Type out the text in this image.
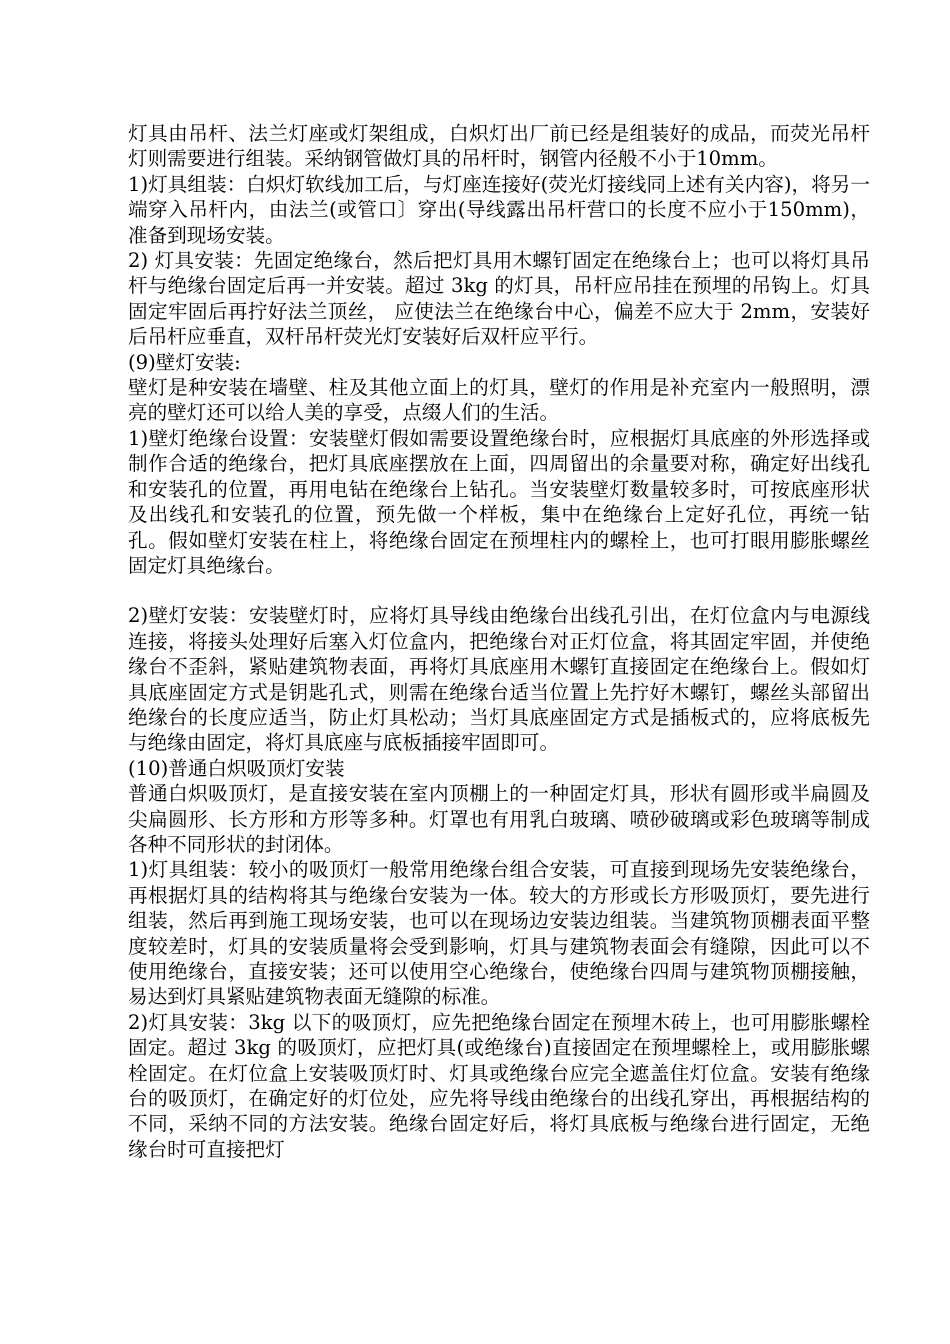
灯具由吊杆、法兰灯座或灯架组成，白炽灯出厂前已经是组装好的成品，而荧光吊杆灯则需要进行组装。采纳钢管做灯具的吊杆时，钢管内径般不小于10mm。

1)灯具组装：白炽灯软线加工后，与灯座连接好(荧光灯接线同上述有关内容)，将另一端穿入吊杆内，由法兰(或管口〕穿出(导线露出吊杆营口的长度不应小于150mm)，准备到现场安装。

2) 灯具安装：先固定绝缘台，然后把灯具用木螺钉固定在绝缘台上；也可以将灯具吊杆与绝缘台固定后再一并安装。超过 3kg 的灯具，吊杆应吊挂在预埋的吊钩上。灯具固定牢固后再拧好法兰顶丝， 应使法兰在绝缘台中心，偏差不应大于 2mm，安装好后吊杆应垂直，双杆吊杆荧光灯安装好后双杆应平行。

(9)壁灯安装:

壁灯是种安装在墙壁、柱及其他立面上的灯具，壁灯的作用是补充室内一般照明，漂亮的壁灯还可以给人美的享受，点缀人们的生活。

1)壁灯绝缘台设置：安装壁灯假如需要设置绝缘台时，应根据灯具底座的外形选择或制作合适的绝缘台，把灯具底座摆放在上面，四周留出的余量要对称，确定好出线孔和安装孔的位置，再用电钻在绝缘台上钻孔。当安装壁灯数量较多时，可按底座形状及出线孔和安装孔的位置，预先做一个样板，集中在绝缘台上定好孔位，再统一钻孔。假如壁灯安装在柱上，将绝缘台固定在预埋柱内的螺栓上，也可打眼用膨胀螺丝固定灯具绝缘台。

2)壁灯安装：安装壁灯时，应将灯具导线由绝缘台出线孔引出，在灯位盒内与电源线连接，将接头处理好后塞入灯位盒内，把绝缘台对正灯位盒，将其固定牢固，并使绝缘台不歪斜，紧贴建筑物表面，再将灯具底座用木螺钉直接固定在绝缘台上。假如灯具底座固定方式是钥匙孔式，则需在绝缘台适当位置上先拧好木螺钉，螺丝头部留出绝缘台的长度应适当，防止灯具松动；当灯具底座固定方式是插板式的，应将底板先与绝缘由固定，将灯具底座与底板插接牢固即可。

(10)普通白炽吸顶灯安装

普通白炽吸顶灯，是直接安装在室内顶棚上的一种固定灯具，形状有圆形或半扁圆及尖扁圆形、长方形和方形等多种。灯罩也有用乳白玻璃、喷砂破璃或彩色玻璃等制成各种不同形状的封闭体。

1)灯具组装：较小的吸顶灯一般常用绝缘台组合安装，可直接到现场先安装绝缘台，再根据灯具的结构将其与绝缘台安装为一体。较大的方形或长方形吸顶灯，要先进行组装，然后再到施工现场安装，也可以在现场边安装边组装。当建筑物顶棚表面平整度较差时，灯具的安装质量将会受到影响，灯具与建筑物表面会有缝隙，因此可以不使用绝缘台，直接安装；还可以使用空心绝缘台，使绝缘台四周与建筑物顶棚接触，易达到灯具紧贴建筑物表面无缝隙的标准。

2)灯具安装：3kg 以下的吸顶灯，应先把绝缘台固定在预埋木砖上，也可用膨胀螺栓固定。超过 3kg 的吸顶灯，应把灯具(或绝缘台)直接固定在预埋螺栓上，或用膨胀螺栓固定。在灯位盒上安装吸顶灯时、灯具或绝缘台应完全遮盖住灯位盒。安装有绝缘台的吸顶灯，在确定好的灯位处，应先将导线由绝缘台的出线孔穿出，再根据结构的不同，采纳不同的方法安装。绝缘台固定好后，将灯具底板与绝缘台进行固定，无绝缘台时可直接把灯
